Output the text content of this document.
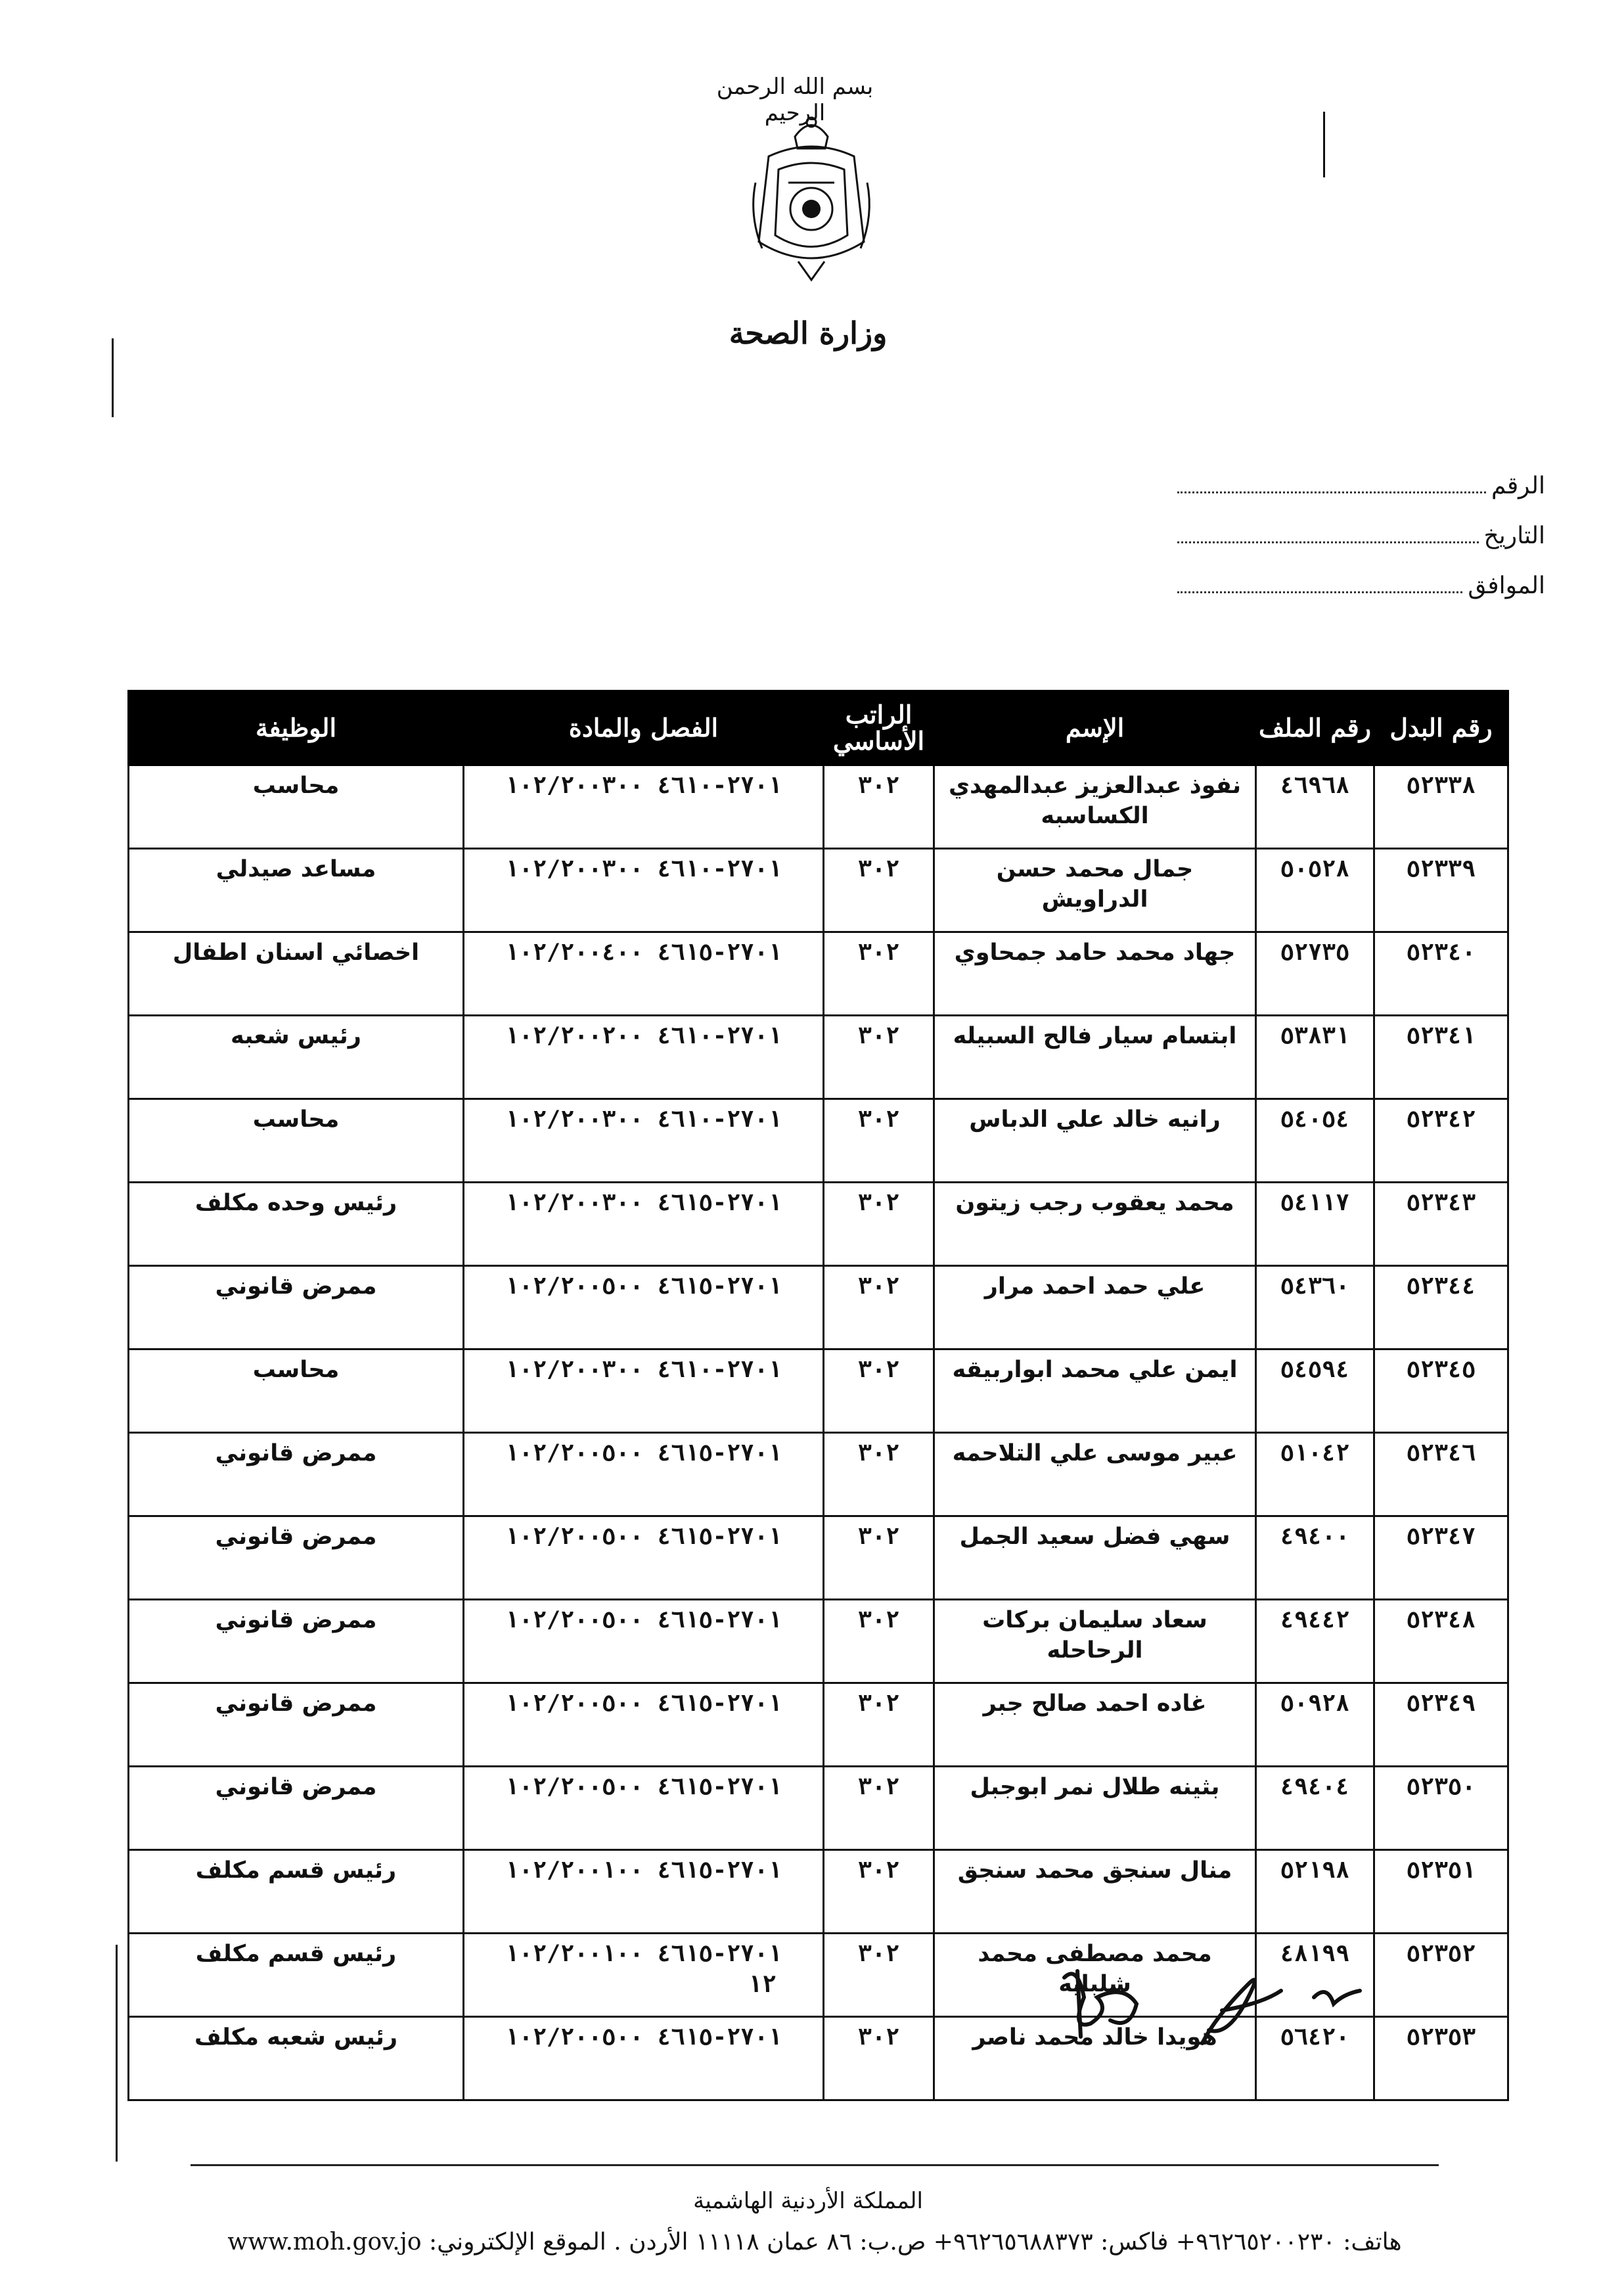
بسم الله الرحمن الرحيم
وزارة الصحة
الرقم
التاريخ
الموافق
رقم البدل	رقم الملف	الإسم	الراتب الأساسي	الفصل والمادة	الوظيفة
٥٢٣٣٨	٤٦٩٦٨	نفوذ عبدالعزيز عبدالمهدي الكساسبه	٣٠٢	٢٧٠١-٤٦١٠ ١٠٢/٢٠٠٣٠٠	محاسب
٥٢٣٣٩	٥٠٥٢٨	جمال محمد حسن الدراويش	٣٠٢	٢٧٠١-٤٦١٠ ١٠٢/٢٠٠٣٠٠	مساعد صيدلي
٥٢٣٤٠	٥٢٧٣٥	جهاد محمد حامد جمحاوي	٣٠٢	٢٧٠١-٤٦١٥ ١٠٢/٢٠٠٤٠٠	اخصائي اسنان اطفال
٥٢٣٤١	٥٣٨٣١	ابتسام سيار فالح السبيله	٣٠٢	٢٧٠١-٤٦١٠ ١٠٢/٢٠٠٢٠٠	رئيس شعبه
٥٢٣٤٢	٥٤٠٥٤	رانيه خالد علي الدباس	٣٠٢	٢٧٠١-٤٦١٠ ١٠٢/٢٠٠٣٠٠	محاسب
٥٢٣٤٣	٥٤١١٧	محمد يعقوب رجب زيتون	٣٠٢	٢٧٠١-٤٦١٥ ١٠٢/٢٠٠٣٠٠	رئيس وحده مكلف
٥٢٣٤٤	٥٤٣٦٠	علي حمد احمد مرار	٣٠٢	٢٧٠١-٤٦١٥ ١٠٢/٢٠٠٥٠٠	ممرض قانوني
٥٢٣٤٥	٥٤٥٩٤	ايمن علي محمد ابواربيقه	٣٠٢	٢٧٠١-٤٦١٠ ١٠٢/٢٠٠٣٠٠	محاسب
٥٢٣٤٦	٥١٠٤٢	عبير موسى علي التلاحمه	٣٠٢	٢٧٠١-٤٦١٥ ١٠٢/٢٠٠٥٠٠	ممرض قانوني
٥٢٣٤٧	٤٩٤٠٠	سهي فضل سعيد الجمل	٣٠٢	٢٧٠١-٤٦١٥ ١٠٢/٢٠٠٥٠٠	ممرض قانوني
٥٢٣٤٨	٤٩٤٤٢	سعاد سليمان بركات الرحاحله	٣٠٢	٢٧٠١-٤٦١٥ ١٠٢/٢٠٠٥٠٠	ممرض قانوني
٥٢٣٤٩	٥٠٩٢٨	غاده احمد صالح جبر	٣٠٢	٢٧٠١-٤٦١٥ ١٠٢/٢٠٠٥٠٠	ممرض قانوني
٥٢٣٥٠	٤٩٤٠٤	بثينه طلال نمر ابوجبل	٣٠٢	٢٧٠١-٤٦١٥ ١٠٢/٢٠٠٥٠٠	ممرض قانوني
٥٢٣٥١	٥٢١٩٨	منال سنجق محمد سنجق	٣٠٢	٢٧٠١-٤٦١٥ ١٠٢/٢٠٠١٠٠	رئيس قسم مكلف
٥٢٣٥٢	٤٨١٩٩	محمد مصطفى محمد شلبايه	٣٠٢	٢٧٠١-٤٦١٥ ١٠٢/٢٠٠١٠٠	رئيس قسم مكلف
٥٢٣٥٣	٥٦٤٢٠	هويدا خالد محمد ناصر	٣٠٢	٢٧٠١-٤٦١٥ ١٠٢/٢٠٠٥٠٠	رئيس شعبه مكلف
١٢
المملكة الأردنية الهاشمية
هاتف: ٩٦٢٦٥٢٠٠٢٣٠+ فاكس: ٩٦٢٦٥٦٨٨٣٧٣+ ص.ب: ٨٦ عمان ١١١١٨ الأردن . الموقع الإلكتروني: www.moh.gov.jo
